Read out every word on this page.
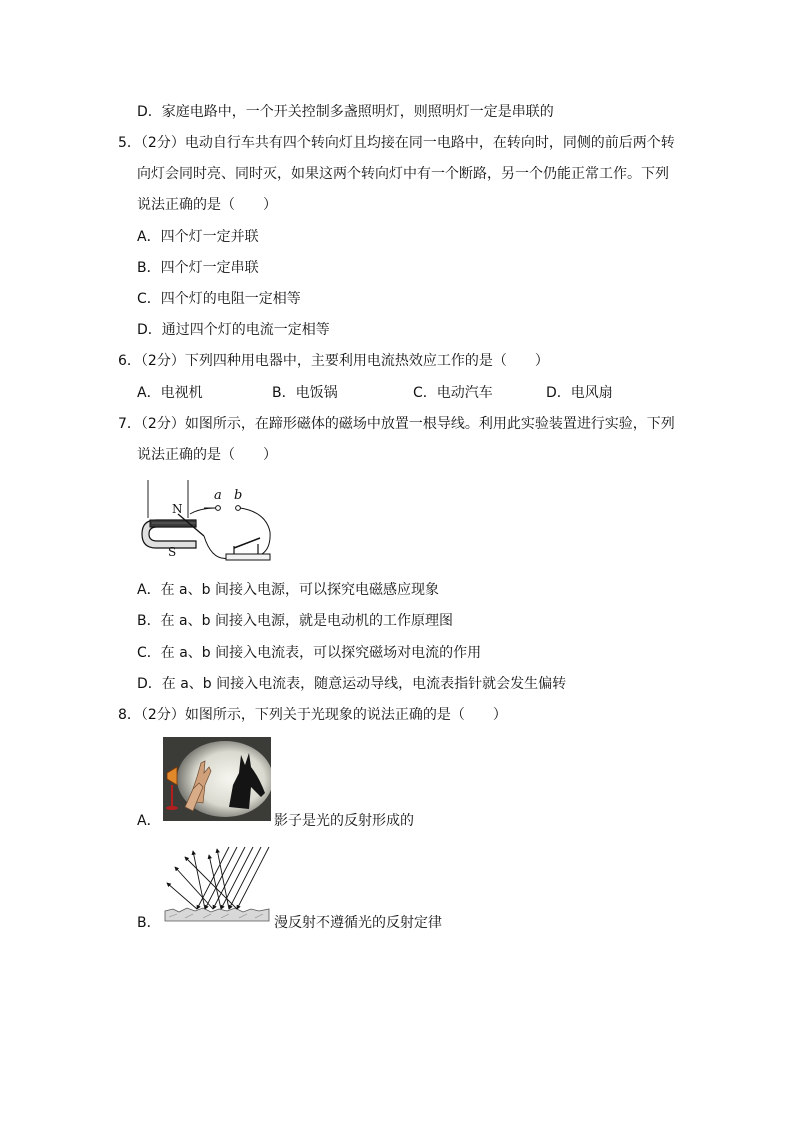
D．家庭电路中，一个开关控制多盏照明灯，则照明灯一定是串联的
5．（2分）电动自行车共有四个转向灯且均接在同一电路中，在转向时，同侧的前后两个转
向灯会同时亮、同时灭，如果这两个转向灯中有一个断路，另一个仍能正常工作。下列
说法正确的是（　　）
A．四个灯一定并联
B．四个灯一定串联
C．四个灯的电阻一定相等
D．通过四个灯的电流一定相等
6．（2分）下列四种用电器中，主要利用电流热效应工作的是（　　）
A．电视机	B．电饭锅	C．电动汽车	D．电风扇
7．（2分）如图所示，在蹄形磁体的磁场中放置一根导线。利用此实验装置进行实验，下列
说法正确的是（　　）
N
S
a b
A．在 a、b 间接入电源，可以探究电磁感应现象
B．在 a、b 间接入电源，就是电动机的工作原理图
C．在 a、b 间接入电流表，可以探究磁场对电流的作用
D．在 a、b 间接入电流表，随意运动导线，电流表指针就会发生偏转
8．（2分）如图所示，下列关于光现象的说法正确的是（　　）
A．	影子是光的反射形成的
B．	漫反射不遵循光的反射定律
